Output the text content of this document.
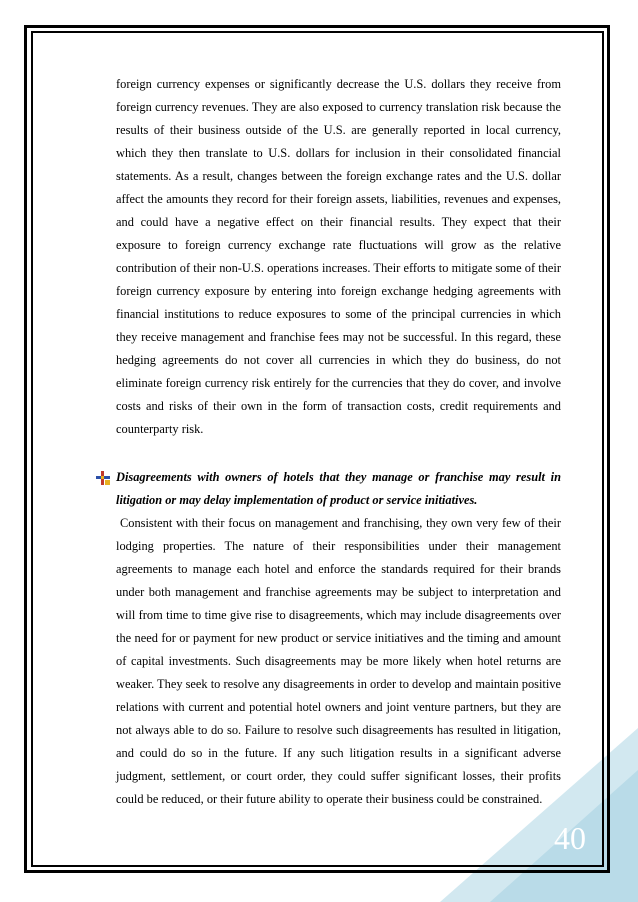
foreign currency expenses or significantly decrease the U.S. dollars they receive from foreign currency revenues. They are also exposed to currency translation risk because the results of their business outside of the U.S. are generally reported in local currency, which they then translate to U.S. dollars for inclusion in their consolidated financial statements. As a result, changes between the foreign exchange rates and the U.S. dollar affect the amounts they record for their foreign assets, liabilities, revenues and expenses, and could have a negative effect on their financial results. They expect that their exposure to foreign currency exchange rate fluctuations will grow as the relative contribution of their non-U.S. operations increases. Their efforts to mitigate some of their foreign currency exposure by entering into foreign exchange hedging agreements with financial institutions to reduce exposures to some of the principal currencies in which they receive management and franchise fees may not be successful. In this regard, these hedging agreements do not cover all currencies in which they do business, do not eliminate foreign currency risk entirely for the currencies that they do cover, and involve costs and risks of their own in the form of transaction costs, credit requirements and counterparty risk.

Disagreements with owners of hotels that they manage or franchise may result in litigation or may delay implementation of product or service initiatives.

Consistent with their focus on management and franchising, they own very few of their lodging properties. The nature of their responsibilities under their management agreements to manage each hotel and enforce the standards required for their brands under both management and franchise agreements may be subject to interpretation and will from time to time give rise to disagreements, which may include disagreements over the need for or payment for new product or service initiatives and the timing and amount of capital investments. Such disagreements may be more likely when hotel returns are weaker. They seek to resolve any disagreements in order to develop and maintain positive relations with current and potential hotel owners and joint venture partners, but they are not always able to do so. Failure to resolve such disagreements has resulted in litigation, and could do so in the future. If any such litigation results in a significant adverse judgment, settlement, or court order, they could suffer significant losses, their profits could be reduced, or their future ability to operate their business could be constrained.

40
